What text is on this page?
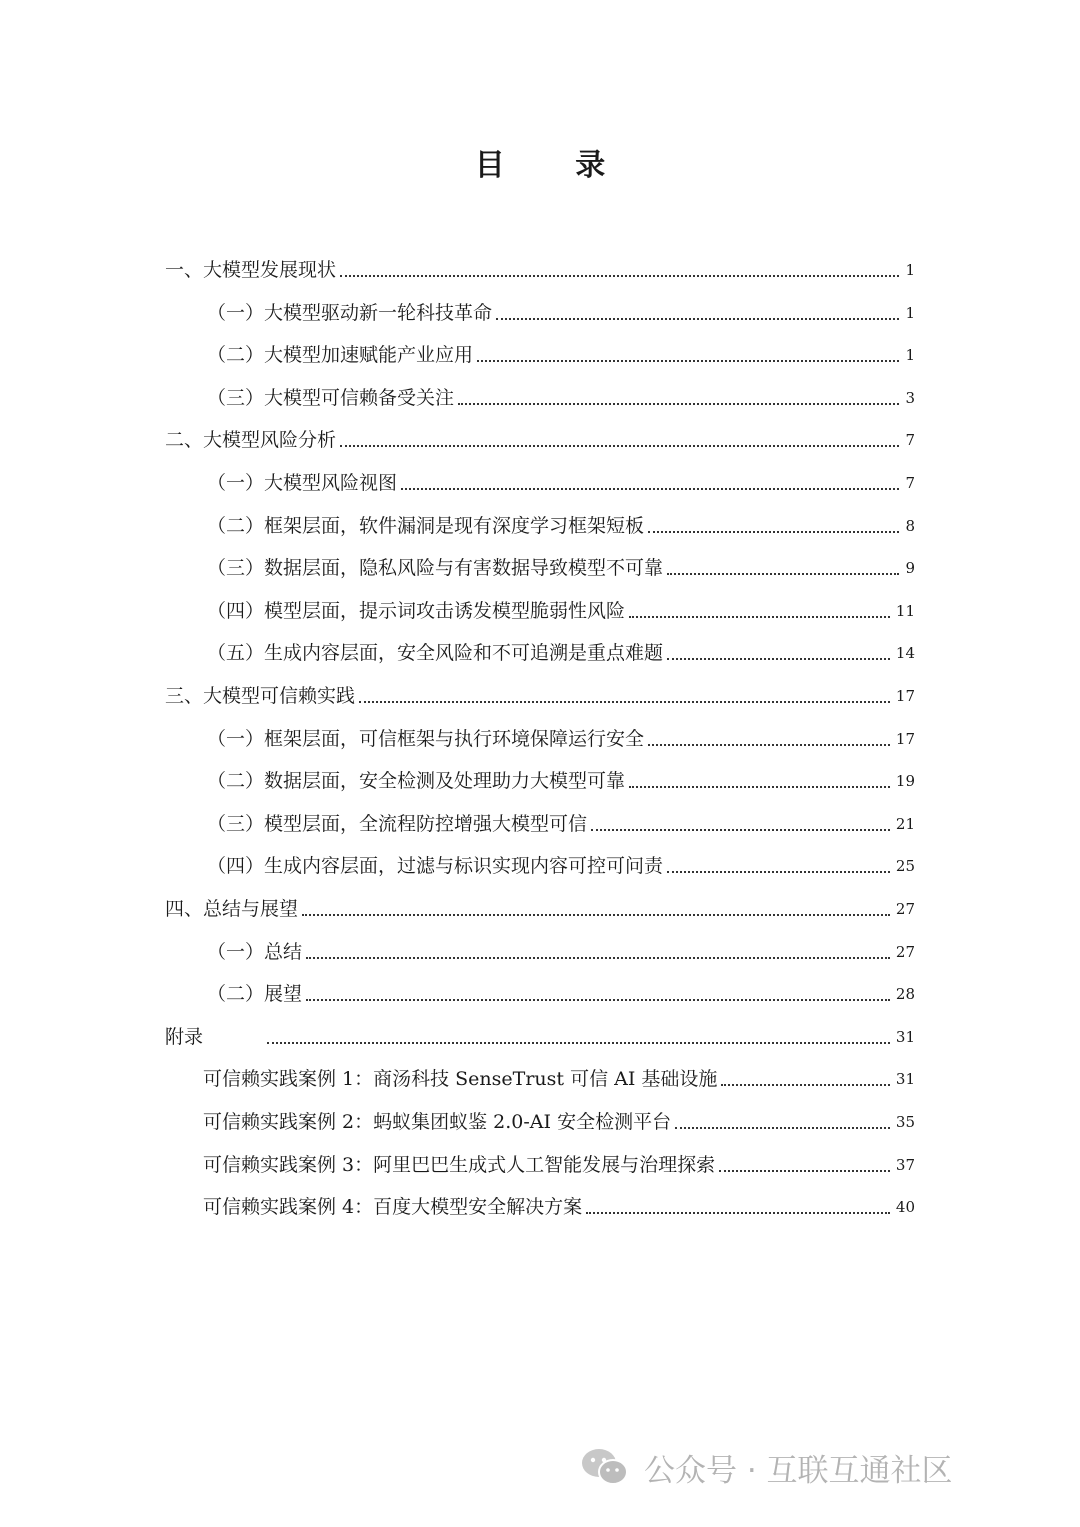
目 录
一、大模型发展现状	1
（一）大模型驱动新一轮科技革命	1
（二）大模型加速赋能产业应用	1
（三）大模型可信赖备受关注	3
二、大模型风险分析	7
（一）大模型风险视图	7
（二）框架层面，软件漏洞是现有深度学习框架短板	8
（三）数据层面，隐私风险与有害数据导致模型不可靠	9
（四）模型层面，提示词攻击诱发模型脆弱性风险	11
（五）生成内容层面，安全风险和不可追溯是重点难题	14
三、大模型可信赖实践	17
（一）框架层面，可信框架与执行环境保障运行安全	17
（二）数据层面，安全检测及处理助力大模型可靠	19
（三）模型层面，全流程防控增强大模型可信	21
（四）生成内容层面，过滤与标识实现内容可控可问责	25
四、总结与展望	27
（一）总结	27
（二）展望	28
附录	31
可信赖实践案例 1：商汤科技 SenseTrust 可信 AI 基础设施	31
可信赖实践案例 2：蚂蚁集团蚁鉴 2.0-AI 安全检测平台	35
可信赖实践案例 3：阿里巴巴生成式人工智能发展与治理探索	37
可信赖实践案例 4：百度大模型安全解决方案	40
公众号 · 互联互通社区
